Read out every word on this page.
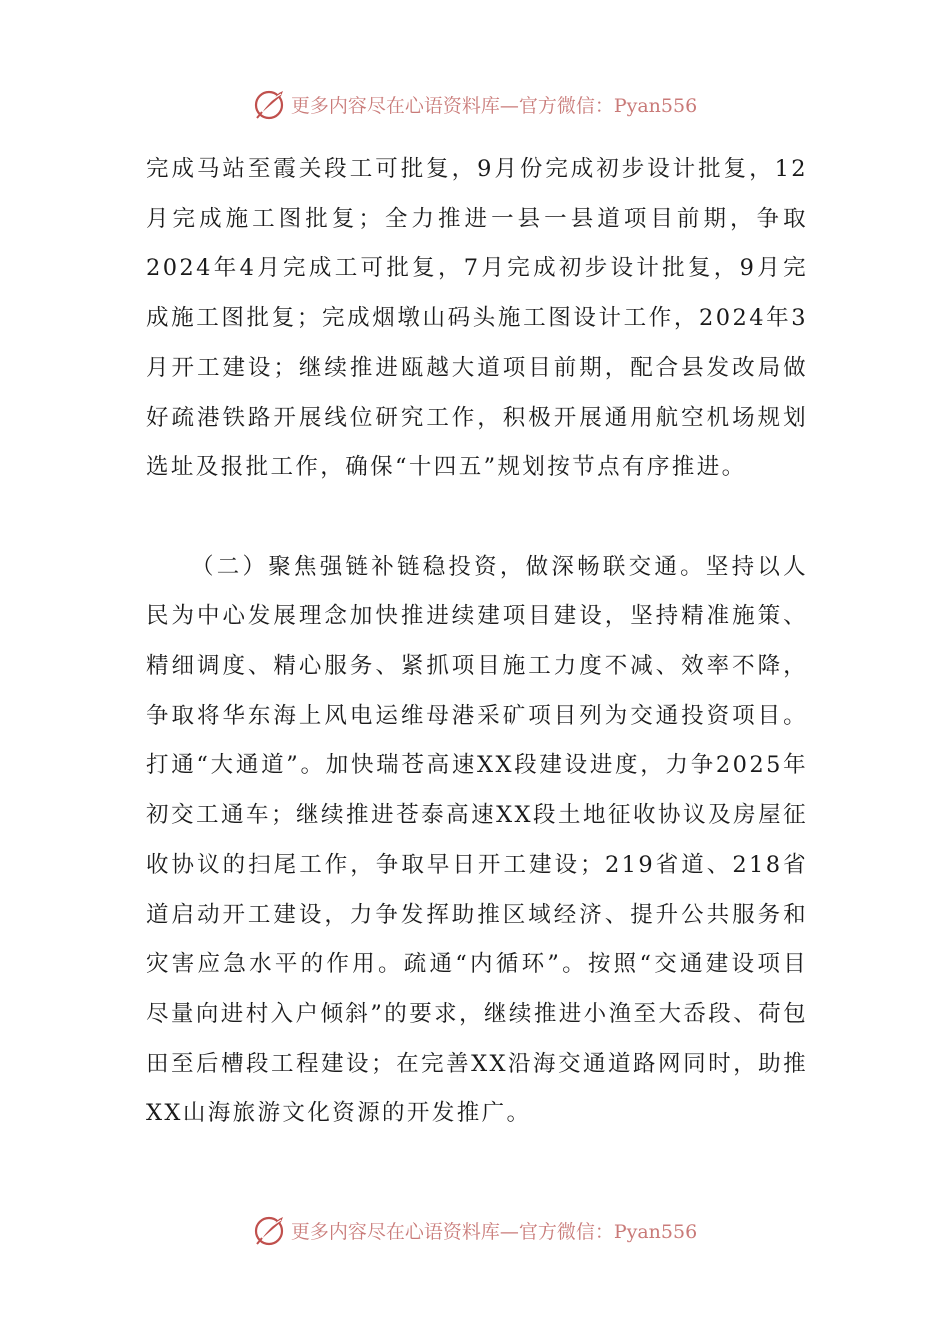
更多内容尽在心语资料库—官方微信：Pyan556

完成马站至霞关段工可批复，9月份完成初步设计批复，12月完成施工图批复；全力推进一县一县道项目前期，争取2024年4月完成工可批复，7月完成初步设计批复，9月完成施工图批复；完成烟墩山码头施工图设计工作，2024年3月开工建设；继续推进瓯越大道项目前期，配合县发改局做好疏港铁路开展线位研究工作，积极开展通用航空机场规划选址及报批工作，确保“十四五”规划按节点有序推进。

（二）聚焦强链补链稳投资，做深畅联交通。坚持以人民为中心发展理念加快推进续建项目建设，坚持精准施策、精细调度、精心服务、紧抓项目施工力度不减、效率不降，争取将华东海上风电运维母港采矿项目列为交通投资项目。打通“大通道”。加快瑞苍高速XX段建设进度，力争2025年初交工通车；继续推进苍泰高速XX段土地征收协议及房屋征收协议的扫尾工作，争取早日开工建设；219省道、218省道启动开工建设，力争发挥助推区域经济、提升公共服务和灾害应急水平的作用。疏通“内循环”。按照“交通建设项目尽量向进村入户倾斜”的要求，继续推进小渔至大岙段、荷包田至后槽段工程建设；在完善XX沿海交通道路网同时，助推XX山海旅游文化资源的开发推广。

更多内容尽在心语资料库—官方微信：Pyan556
